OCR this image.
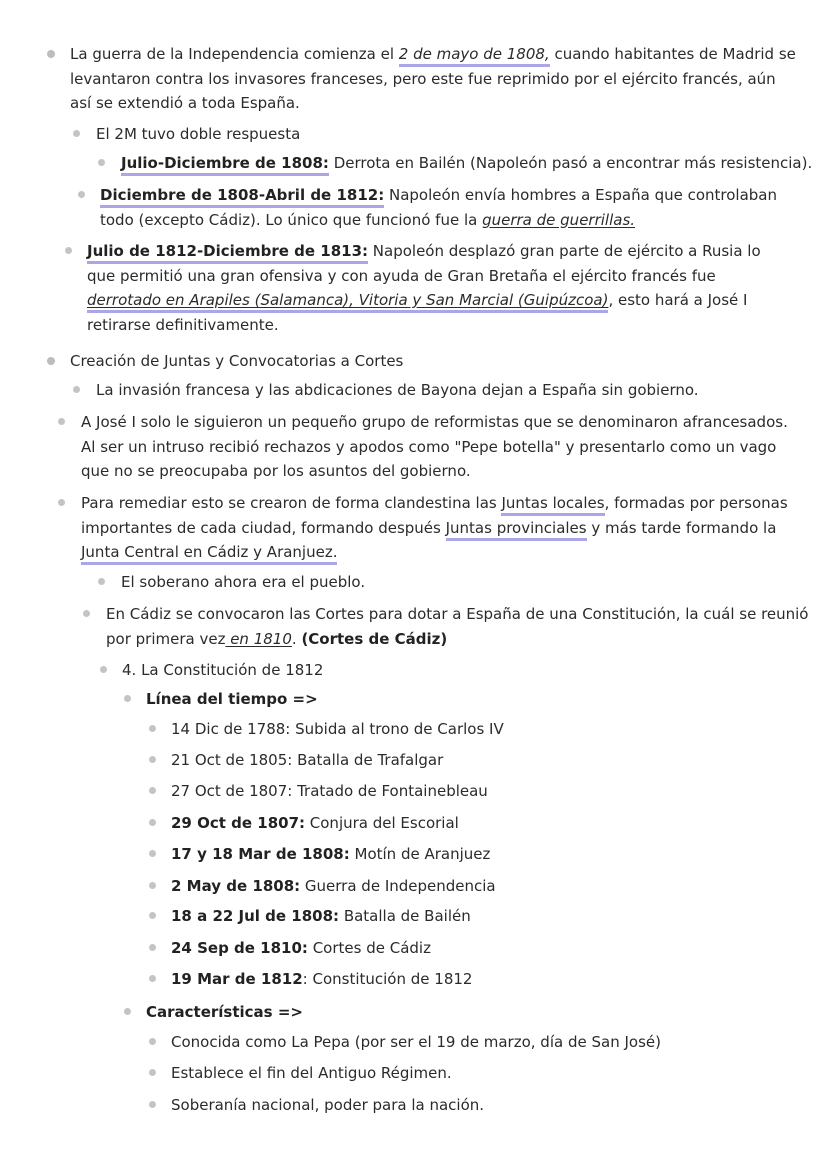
La guerra de la Independencia comienza el 2 de mayo de 1808, cuando habitantes de Madrid se levantaron contra los invasores franceses, pero este fue reprimido por el ejército francés, aún así se extendió a toda España.
El 2M tuvo doble respuesta
Julio-Diciembre de 1808: Derrota en Bailén (Napoleón pasó a encontrar más resistencia).
Diciembre de 1808-Abril de 1812: Napoleón envía hombres a España que controlaban todo (excepto Cádiz). Lo único que funcionó fue la guerra de guerrillas.
Julio de 1812-Diciembre de 1813: Napoleón desplazó gran parte de ejército a Rusia lo que permitió una gran ofensiva y con ayuda de Gran Bretaña el ejército francés fue derrotado en Arapiles (Salamanca), Vitoria y San Marcial (Guipúzcoa), esto hará a José I retirarse definitivamente.
Creación de Juntas y Convocatorias a Cortes
La invasión francesa y las abdicaciones de Bayona dejan a España sin gobierno.
A José I solo le siguieron un pequeño grupo de reformistas que se denominaron afrancesados. Al ser un intruso recibió rechazos y apodos como "Pepe botella" y presentarlo como un vago que no se preocupaba por los asuntos del gobierno.
Para remediar esto se crearon de forma clandestina las Juntas locales, formadas por personas importantes de cada ciudad, formando después Juntas provinciales y más tarde formando la Junta Central en Cádiz y Aranjuez.
El soberano ahora era el pueblo.
En Cádiz se convocaron las Cortes para dotar a España de una Constitución, la cuál se reunió por primera vez en 1810. (Cortes de Cádiz)
4. La Constitución de 1812
Línea del tiempo =>
14 Dic de 1788: Subida al trono de Carlos IV
21 Oct de 1805: Batalla de Trafalgar
27 Oct de 1807: Tratado de Fontainebleau
29 Oct de 1807: Conjura del Escorial
17 y 18 Mar de 1808: Motín de Aranjuez
2 May de 1808: Guerra de Independencia
18 a 22 Jul de 1808: Batalla de Bailén
24 Sep de 1810: Cortes de Cádiz
19 Mar de 1812: Constitución de 1812
Características =>
Conocida como La Pepa (por ser el 19 de marzo, día de San José)
Establece el fin del Antiguo Régimen.
Soberanía nacional, poder para la nación.
